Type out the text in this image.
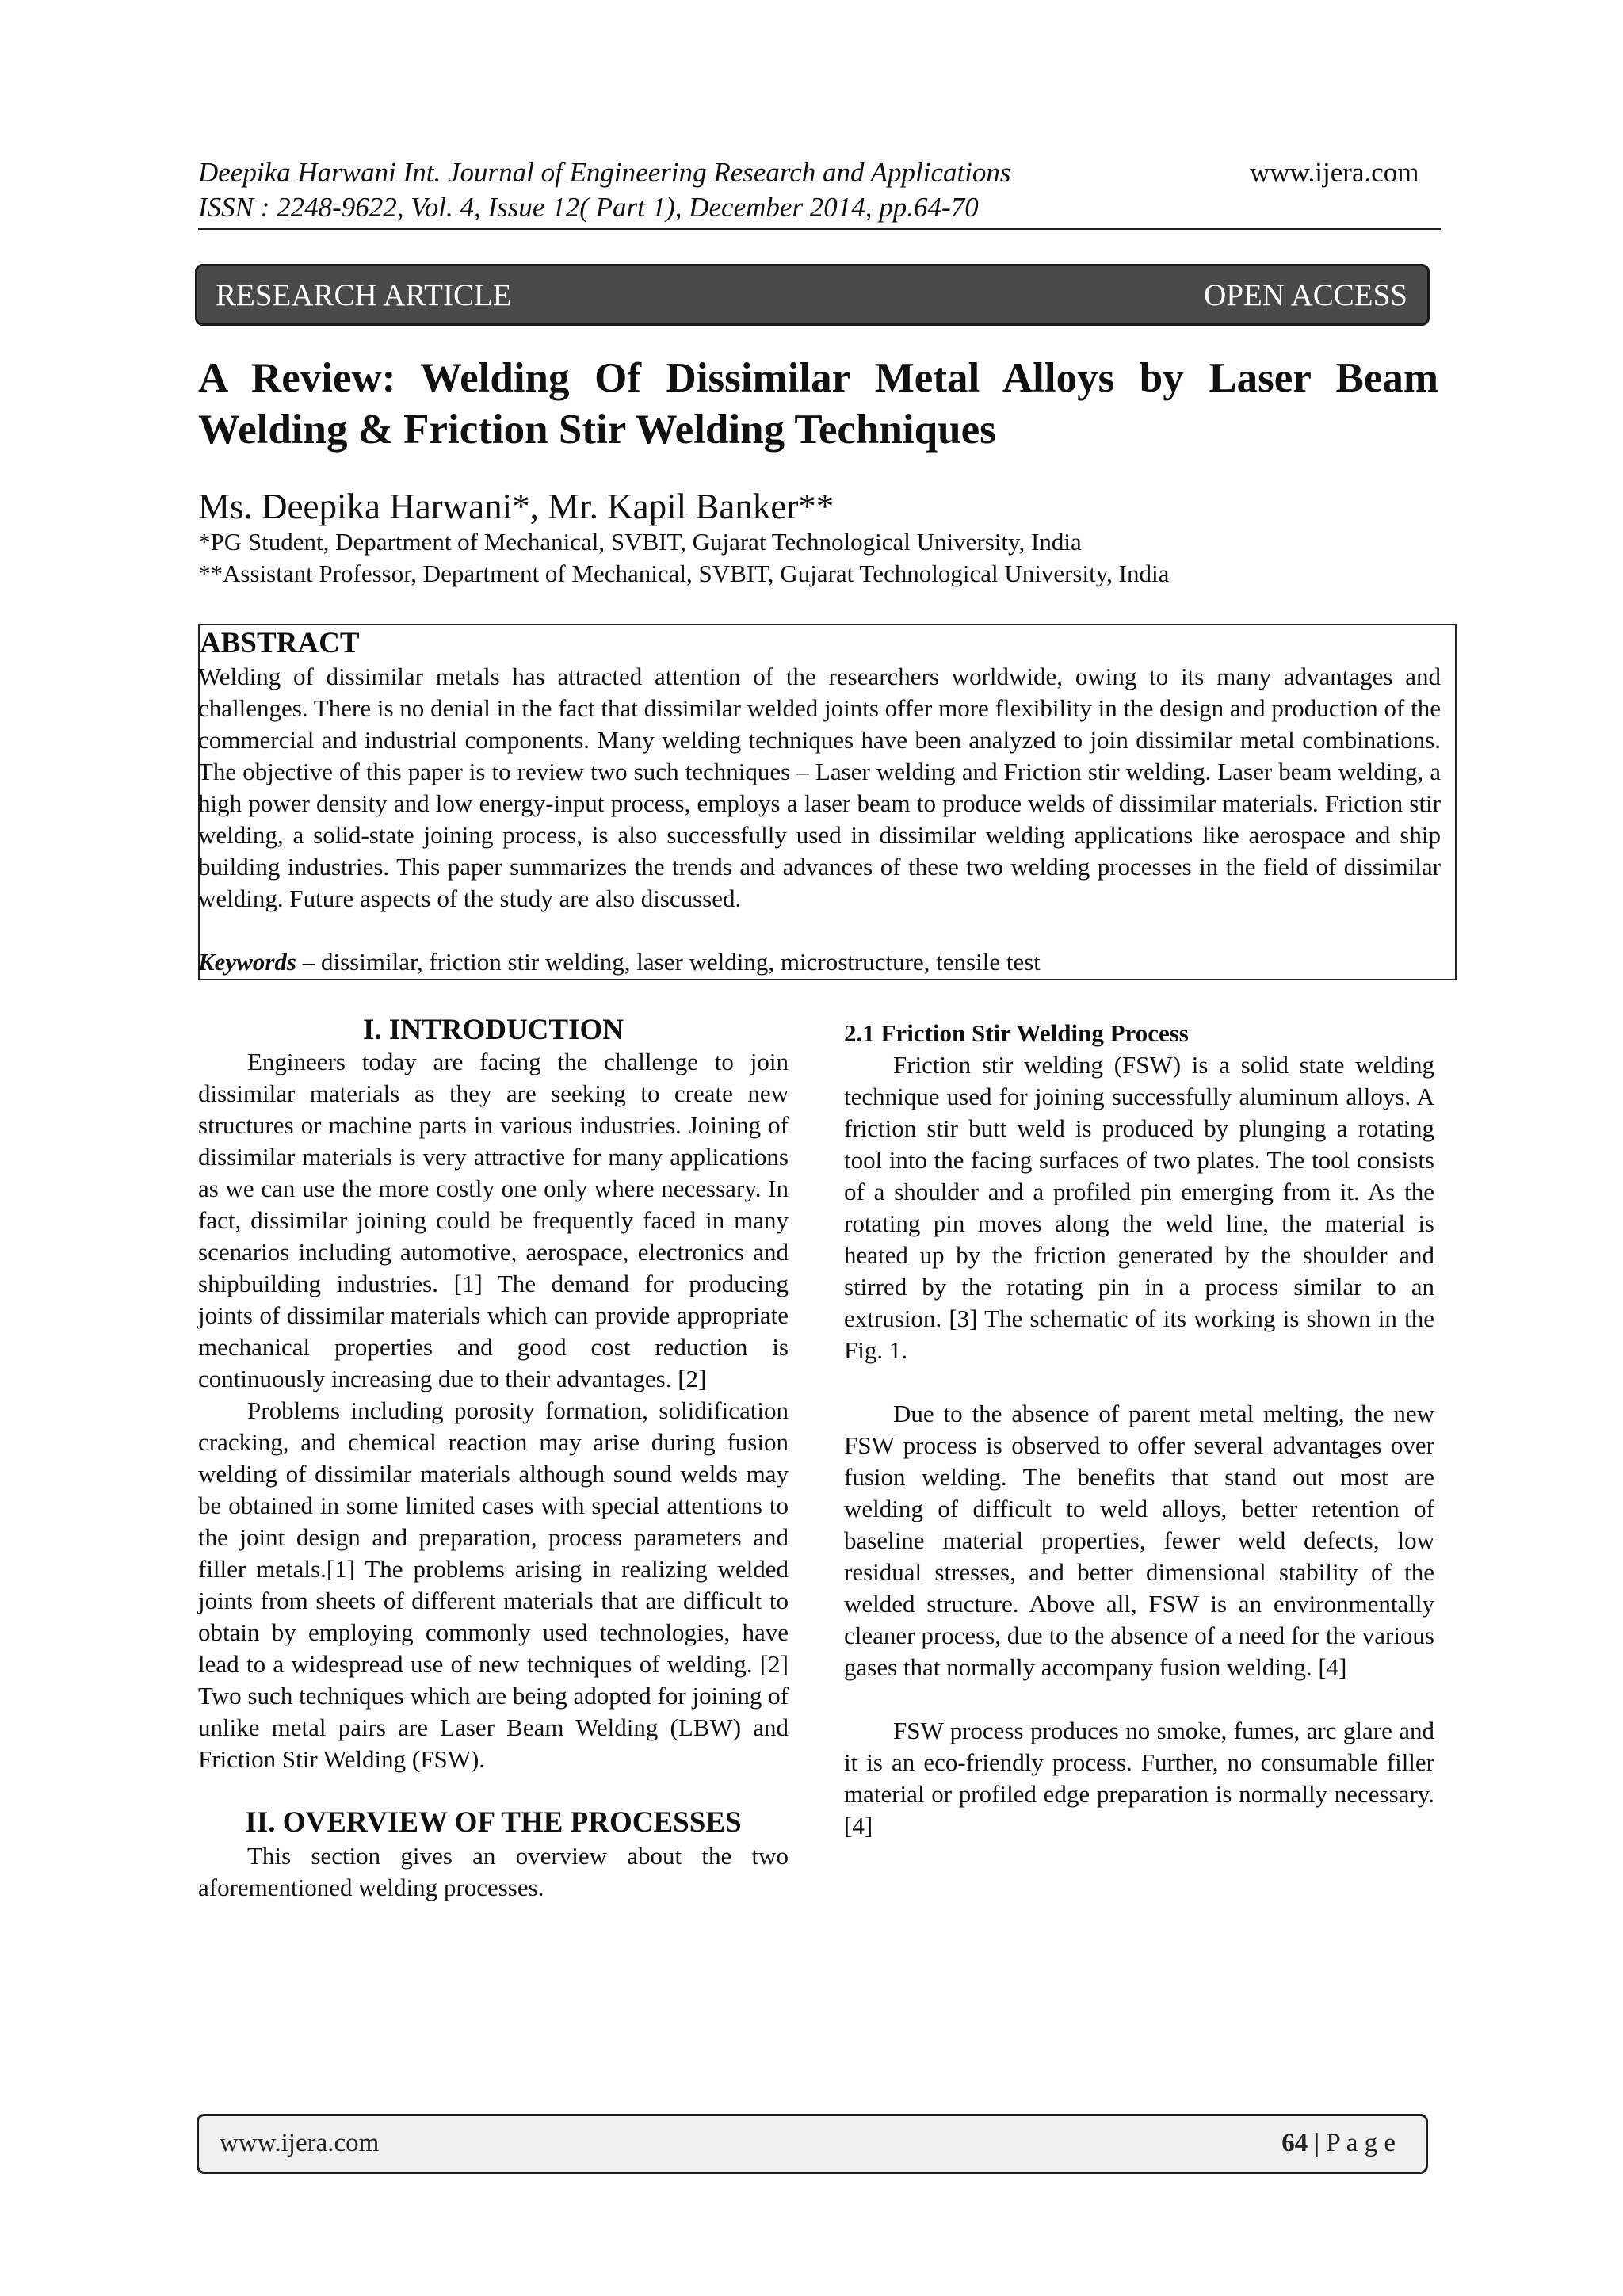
Deepika Harwani Int. Journal of Engineering Research and Applications
ISSN : 2248-9622, Vol. 4, Issue 12( Part 1), December 2014, pp.64-70
www.ijera.com
RESEARCH ARTICLE	OPEN ACCESS
A Review: Welding Of Dissimilar Metal Alloys by Laser Beam Welding & Friction Stir Welding Techniques
Ms. Deepika Harwani*, Mr. Kapil Banker**
*PG Student, Department of Mechanical, SVBIT, Gujarat Technological University, India
**Assistant Professor, Department of Mechanical, SVBIT, Gujarat Technological University, India
ABSTRACT
Welding of dissimilar metals has attracted attention of the researchers worldwide, owing to its many advantages and challenges. There is no denial in the fact that dissimilar welded joints offer more flexibility in the design and production of the commercial and industrial components. Many welding techniques have been analyzed to join dissimilar metal combinations. The objective of this paper is to review two such techniques – Laser welding and Friction stir welding. Laser beam welding, a high power density and low energy-input process, employs a laser beam to produce welds of dissimilar materials. Friction stir welding, a solid-state joining process, is also successfully used in dissimilar welding applications like aerospace and ship building industries. This paper summarizes the trends and advances of these two welding processes in the field of dissimilar welding. Future aspects of the study are also discussed.
Keywords – dissimilar, friction stir welding, laser welding, microstructure, tensile test
I. INTRODUCTION

Engineers today are facing the challenge to join dissimilar materials as they are seeking to create new structures or machine parts in various industries. Joining of dissimilar materials is very attractive for many applications as we can use the more costly one only where necessary. In fact, dissimilar joining could be frequently faced in many scenarios including automotive, aerospace, electronics and shipbuilding industries. [1] The demand for producing joints of dissimilar materials which can provide appropriate mechanical properties and good cost reduction is continuously increasing due to their advantages. [2]

Problems including porosity formation, solidification cracking, and chemical reaction may arise during fusion welding of dissimilar materials although sound welds may be obtained in some limited cases with special attentions to the joint design and preparation, process parameters and filler metals.[1] The problems arising in realizing welded joints from sheets of different materials that are difficult to obtain by employing commonly used technologies, have lead to a widespread use of new techniques of welding. [2] Two such techniques which are being adopted for joining of unlike metal pairs are Laser Beam Welding (LBW) and Friction Stir Welding (FSW).

II. OVERVIEW OF THE PROCESSES

This section gives an overview about the two aforementioned welding processes.

2.1 Friction Stir Welding Process

Friction stir welding (FSW) is a solid state welding technique used for joining successfully aluminum alloys. A friction stir butt weld is produced by plunging a rotating tool into the facing surfaces of two plates. The tool consists of a shoulder and a profiled pin emerging from it. As the rotating pin moves along the weld line, the material is heated up by the friction generated by the shoulder and stirred by the rotating pin in a process similar to an extrusion. [3] The schematic of its working is shown in the Fig. 1.

Due to the absence of parent metal melting, the new FSW process is observed to offer several advantages over fusion welding. The benefits that stand out most are welding of difficult to weld alloys, better retention of baseline material properties, fewer weld defects, low residual stresses, and better dimensional stability of the welded structure. Above all, FSW is an environmentally cleaner process, due to the absence of a need for the various gases that normally accompany fusion welding. [4]

FSW process produces no smoke, fumes, arc glare and it is an eco-friendly process. Further, no consumable filler material or profiled edge preparation is normally necessary. [4]

www.ijera.com	64 | P a g e
